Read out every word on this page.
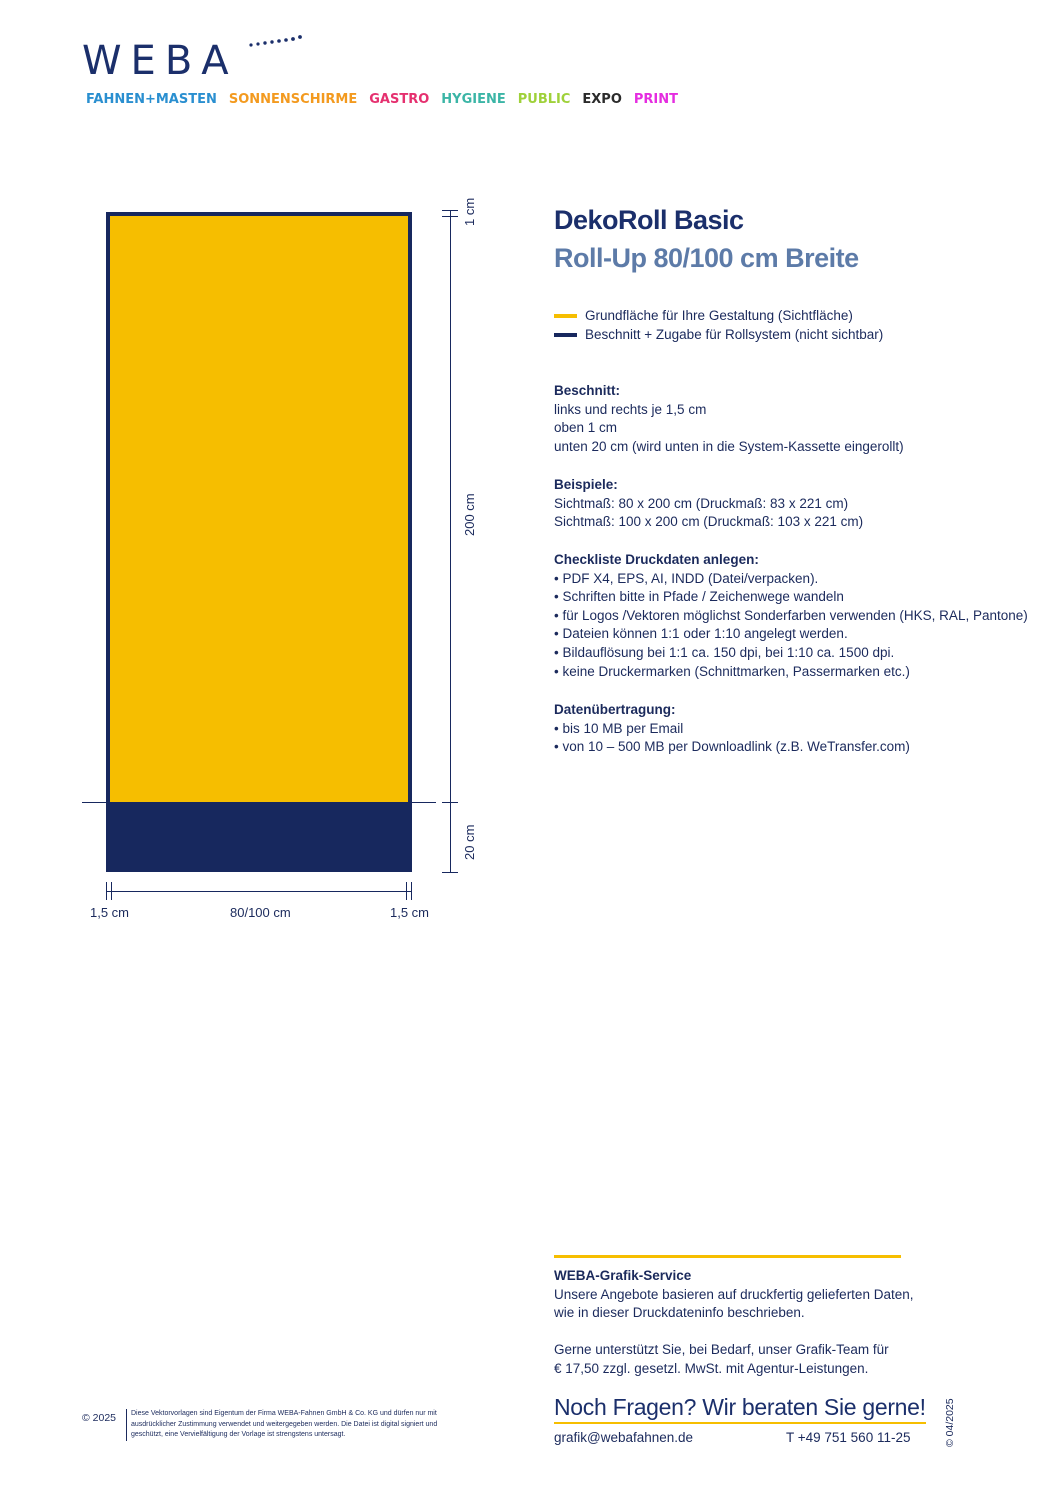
WEBA
FAHNEN+MASTEN SONNENSCHIRME GASTRO HYGIENE PUBLIC EXPO PRINT
1 cm
200 cm
20 cm
1,5 cm	80/100 cm	1,5 cm
DekoRoll Basic
Roll-Up 80/100 cm Breite
Grundfläche für Ihre Gestaltung (Sichtfläche)
Beschnitt + Zugabe für Rollsystem (nicht sichtbar)
Beschnitt:
links und rechts je 1,5 cm
oben 1 cm
unten 20 cm (wird unten in die System-Kassette eingerollt)
Beispiele:
Sichtmaß: 80 x 200 cm (Druckmaß: 83 x 221 cm)
Sichtmaß: 100 x 200 cm (Druckmaß: 103 x 221 cm)
Checkliste Druckdaten anlegen:
• PDF X4, EPS, AI, INDD (Datei/verpacken).
• Schriften bitte in Pfade / Zeichenwege wandeln
• für Logos /Vektoren möglichst Sonderfarben verwenden (HKS, RAL, Pantone)
• Dateien können 1:1 oder 1:10 angelegt werden.
• Bildauflösung bei 1:1 ca. 150 dpi, bei 1:10 ca. 1500 dpi.
• keine Druckermarken (Schnittmarken, Passermarken etc.)
Datenübertragung:
• bis 10 MB per Email
• von 10 – 500 MB per Downloadlink (z.B. WeTransfer.com)
WEBA-Grafik-Service
Unsere Angebote basieren auf druckfertig gelieferten Daten,
wie in dieser Druckdateninfo beschrieben.
Gerne unterstützt Sie, bei Bedarf, unser Grafik-Team für
€ 17,50 zzgl. gesetzl. MwSt. mit Agentur-Leistungen.
Noch Fragen? Wir beraten Sie gerne!
grafik@webafahnen.de	T +49 751 560 11-25
© 2025	Diese Vektorvorlagen sind Eigentum der Firma WEBA-Fahnen GmbH & Co. KG und dürfen nur mit ausdrücklicher Zustimmung verwendet und weitergegeben werden. Die Datei ist digital signiert und geschützt, eine Vervielfältigung der Vorlage ist strengstens untersagt.	© 04/2025
